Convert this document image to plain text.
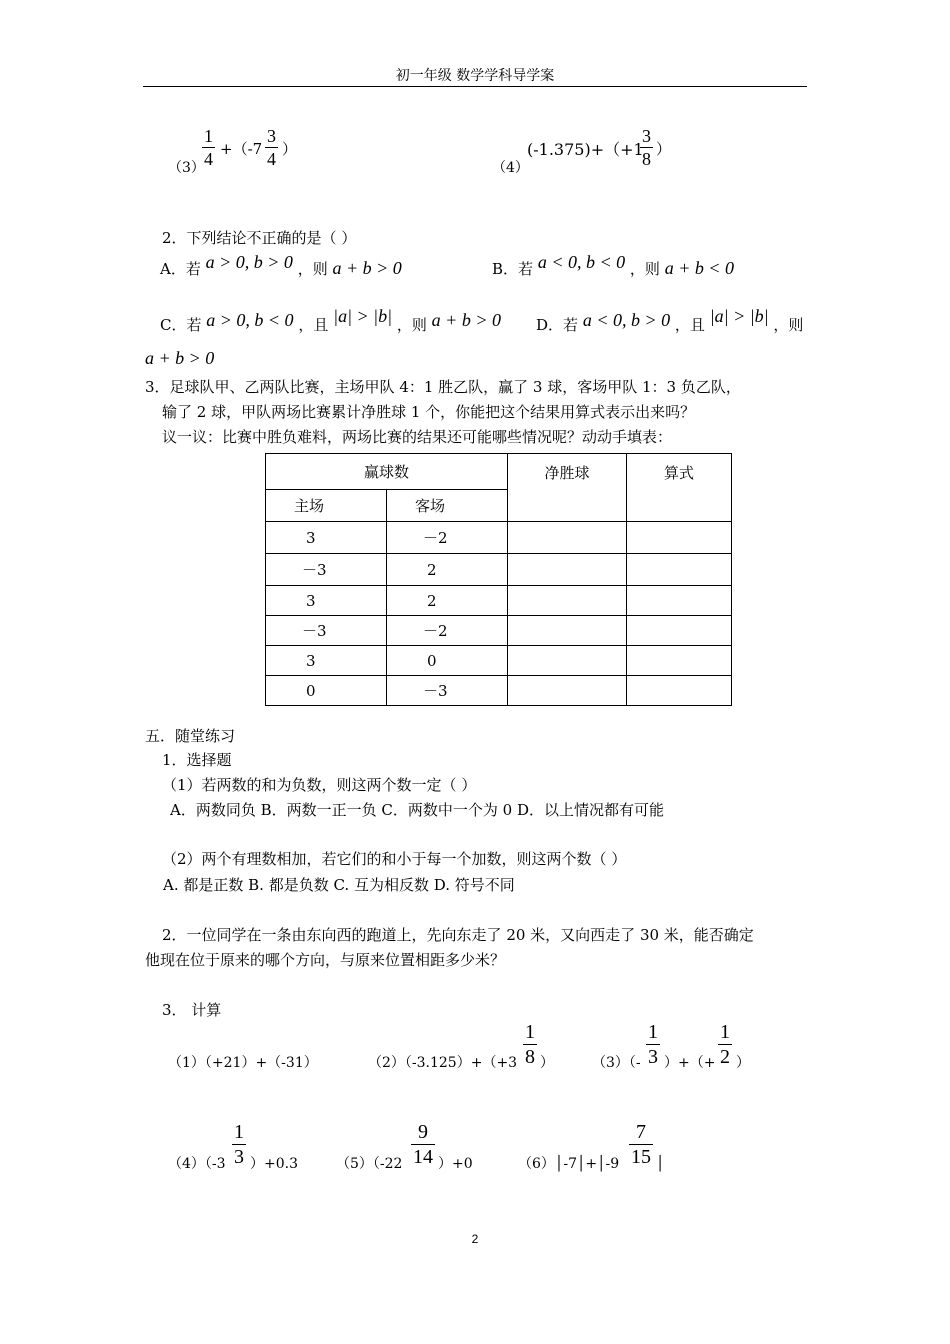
初一年级 数学学科导学案
（3）
$\frac{1}{4} +(-7 \frac{3}{4}$ ）
（4）
(-1.375)+（+1
$\frac{3}{8}$ ）
2．下列结论不正确的是（ ）
A．若 a > 0, b > 0 ，则 a + b > 0	B．若 a < 0, b < 0 ，则 a + b < 0
C．若 a > 0, b < 0 ，且 |a| > |b| ，则 a + b > 0 D．若 a < 0, b > 0 ，且 |a| > |b| ，则
a + b > 0
3．足球队甲、乙两队比赛，主场甲队 4：1 胜乙队，赢了 3 球，客场甲队 1：3 负乙队，
输了 2 球，甲队两场比赛累计净胜球 1 个，你能把这个结果用算式表示出来吗？
议一议：比赛中胜负难料，两场比赛的结果还可能哪些情况呢？动动手填表：
赢球数		净胜球	算式
主场	客场		
3	－2		
－3	2		
3	2		
－3	－2		
3	0		
0	－3		
五．随堂练习
1．选择题
（1）若两数的和为负数，则这两个数一定（ ）
A．两数同负 B．两数一正一负 C．两数中一个为 0 D．以上情况都有可能
（2）两个有理数相加，若它们的和小于每一个加数，则这两个数（ ）
A. 都是正数 B. 都是负数 C. 互为相反数 D. 符号不同
2．一位同学在一条由东向西的跑道上，先向东走了 20 米，又向西走了 30 米，能否确定
他现在位于原来的哪个方向，与原来位置相距多少米？
3． 计算
（1）（+21）+（-31）	$(2)(-3.125)+(+3 \frac{1}{8}$ ）	$(3)(- \frac{1}{3}$ ）+（+ $\frac{1}{2}$ ）
$(4)(-3 \frac{1}{3} )+0.3$	$(5)(-22 \frac{9}{14} )+0$	（6）│-7│+│-9 $\frac{7}{15}$ │
2
